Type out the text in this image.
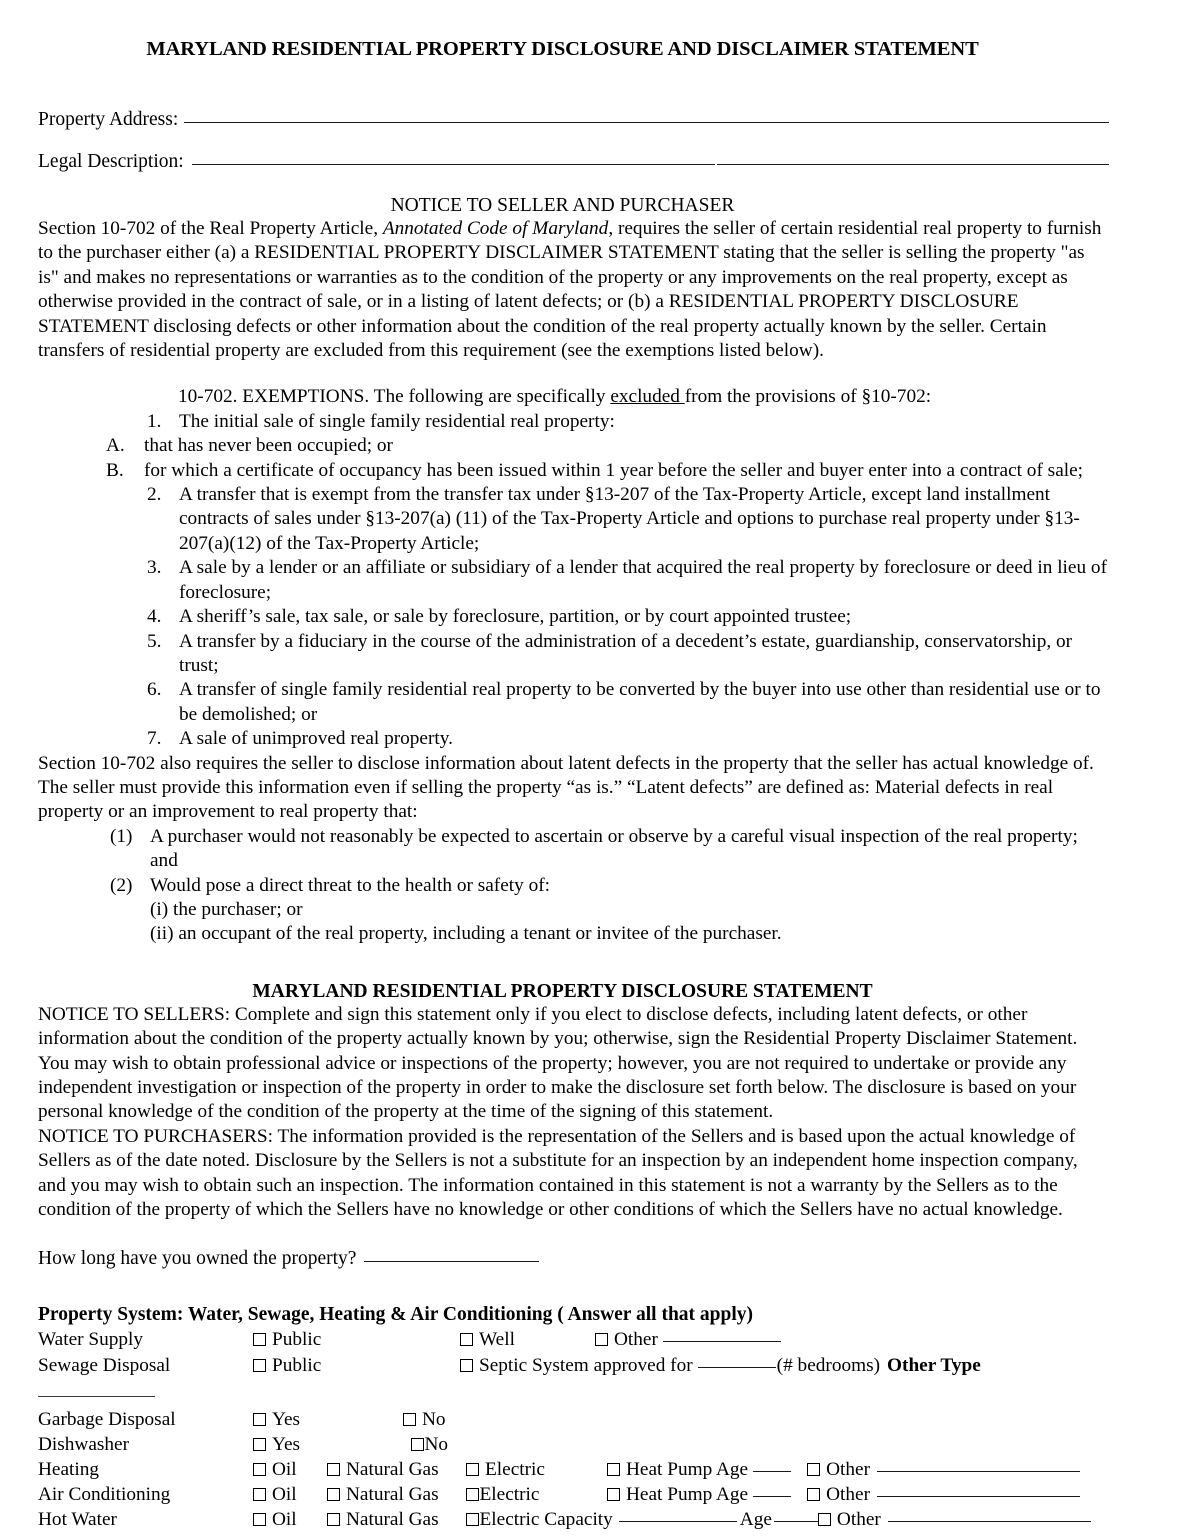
MARYLAND RESIDENTIAL PROPERTY DISCLOSURE AND DISCLAIMER STATEMENT
Property Address:
Legal Description:
NOTICE TO SELLER AND PURCHASER

Section 10-702 of the Real Property Article, Annotated Code of Maryland, requires the seller of certain residential real property to furnish to the purchaser either (a) a RESIDENTIAL PROPERTY DISCLAIMER STATEMENT stating that the seller is selling the property "as is" and makes no representations or warranties as to the condition of the property or any improvements on the real property, except as otherwise provided in the contract of sale, or in a listing of latent defects; or (b) a RESIDENTIAL PROPERTY DISCLOSURE STATEMENT disclosing defects or other information about the condition of the real property actually known by the seller. Certain transfers of residential property are excluded from this requirement (see the exemptions listed below).

10-702. EXEMPTIONS. The following are specifically excluded from the provisions of §10-702:
1. The initial sale of single family residential real property:
A. that has never been occupied; or
B.	for which a certificate of occupancy has been issued within 1 year before the seller and buyer enter into a contract of sale;
2. A transfer that is exempt from the transfer tax under §13-207 of the Tax-Property Article, except land installment contracts of sales under §13-207(a) (11) of the Tax-Property Article and options to purchase real property under §13-207(a)(12) of the Tax-Property Article;
3. A sale by a lender or an affiliate or subsidiary of a lender that acquired the real property by foreclosure or deed in lieu of foreclosure;
4. A sheriff’s sale, tax sale, or sale by foreclosure, partition, or by court appointed trustee;
5. A transfer by a fiduciary in the course of the administration of a decedent’s estate, guardianship, conservatorship, or trust;
6. A transfer of single family residential real property to be converted by the buyer into use other than residential use or to be demolished; or
7. A sale of unimproved real property.

Section 10-702 also requires the seller to disclose information about latent defects in the property that the seller has actual knowledge of. The seller must provide this information even if selling the property “as is.” “Latent defects” are defined as: Material defects in real property or an improvement to real property that:

(1) A purchaser would not reasonably be expected to ascertain or observe by a careful visual inspection of the real property; and
(2) Would pose a direct threat to the health or safety of:
(i) the purchaser; or
(ii) an occupant of the real property, including a tenant or invitee of the purchaser.
MARYLAND RESIDENTIAL PROPERTY DISCLOSURE STATEMENT

NOTICE TO SELLERS: Complete and sign this statement only if you elect to disclose defects, including latent defects, or other information about the condition of the property actually known by you; otherwise, sign the Residential Property Disclaimer Statement. You may wish to obtain professional advice or inspections of the property; however, you are not required to undertake or provide any independent investigation or inspection of the property in order to make the disclosure set forth below. The disclosure is based on your personal knowledge of the condition of the property at the time of the signing of this statement.

NOTICE TO PURCHASERS: The information provided is the representation of the Sellers and is based upon the actual knowledge of Sellers as of the date noted. Disclosure by the Sellers is not a substitute for an inspection by an independent home inspection company, and you may wish to obtain such an inspection. The information contained in this statement is not a warranty by the Sellers as to the condition of the property of which the Sellers have no knowledge or other conditions of which the Sellers have no actual knowledge.

How long have you owned the property?
Property System: Water, Sewage, Heating & Air Conditioning ( Answer all that apply)
Water Supply	Public	Well	Other
Sewage Disposal	Public	Septic System approved for	(# bedrooms) Other Type
Garbage Disposal	Yes	No
Dishwasher	Yes	No
Heating	Oil	Natural Gas Electric	Heat Pump Age	Other
Air Conditioning	Oil	Natural Gas Electric	Heat Pump Age	Other
Hot Water	Oil	Natural Gas Electric Capacity	Age	Other
